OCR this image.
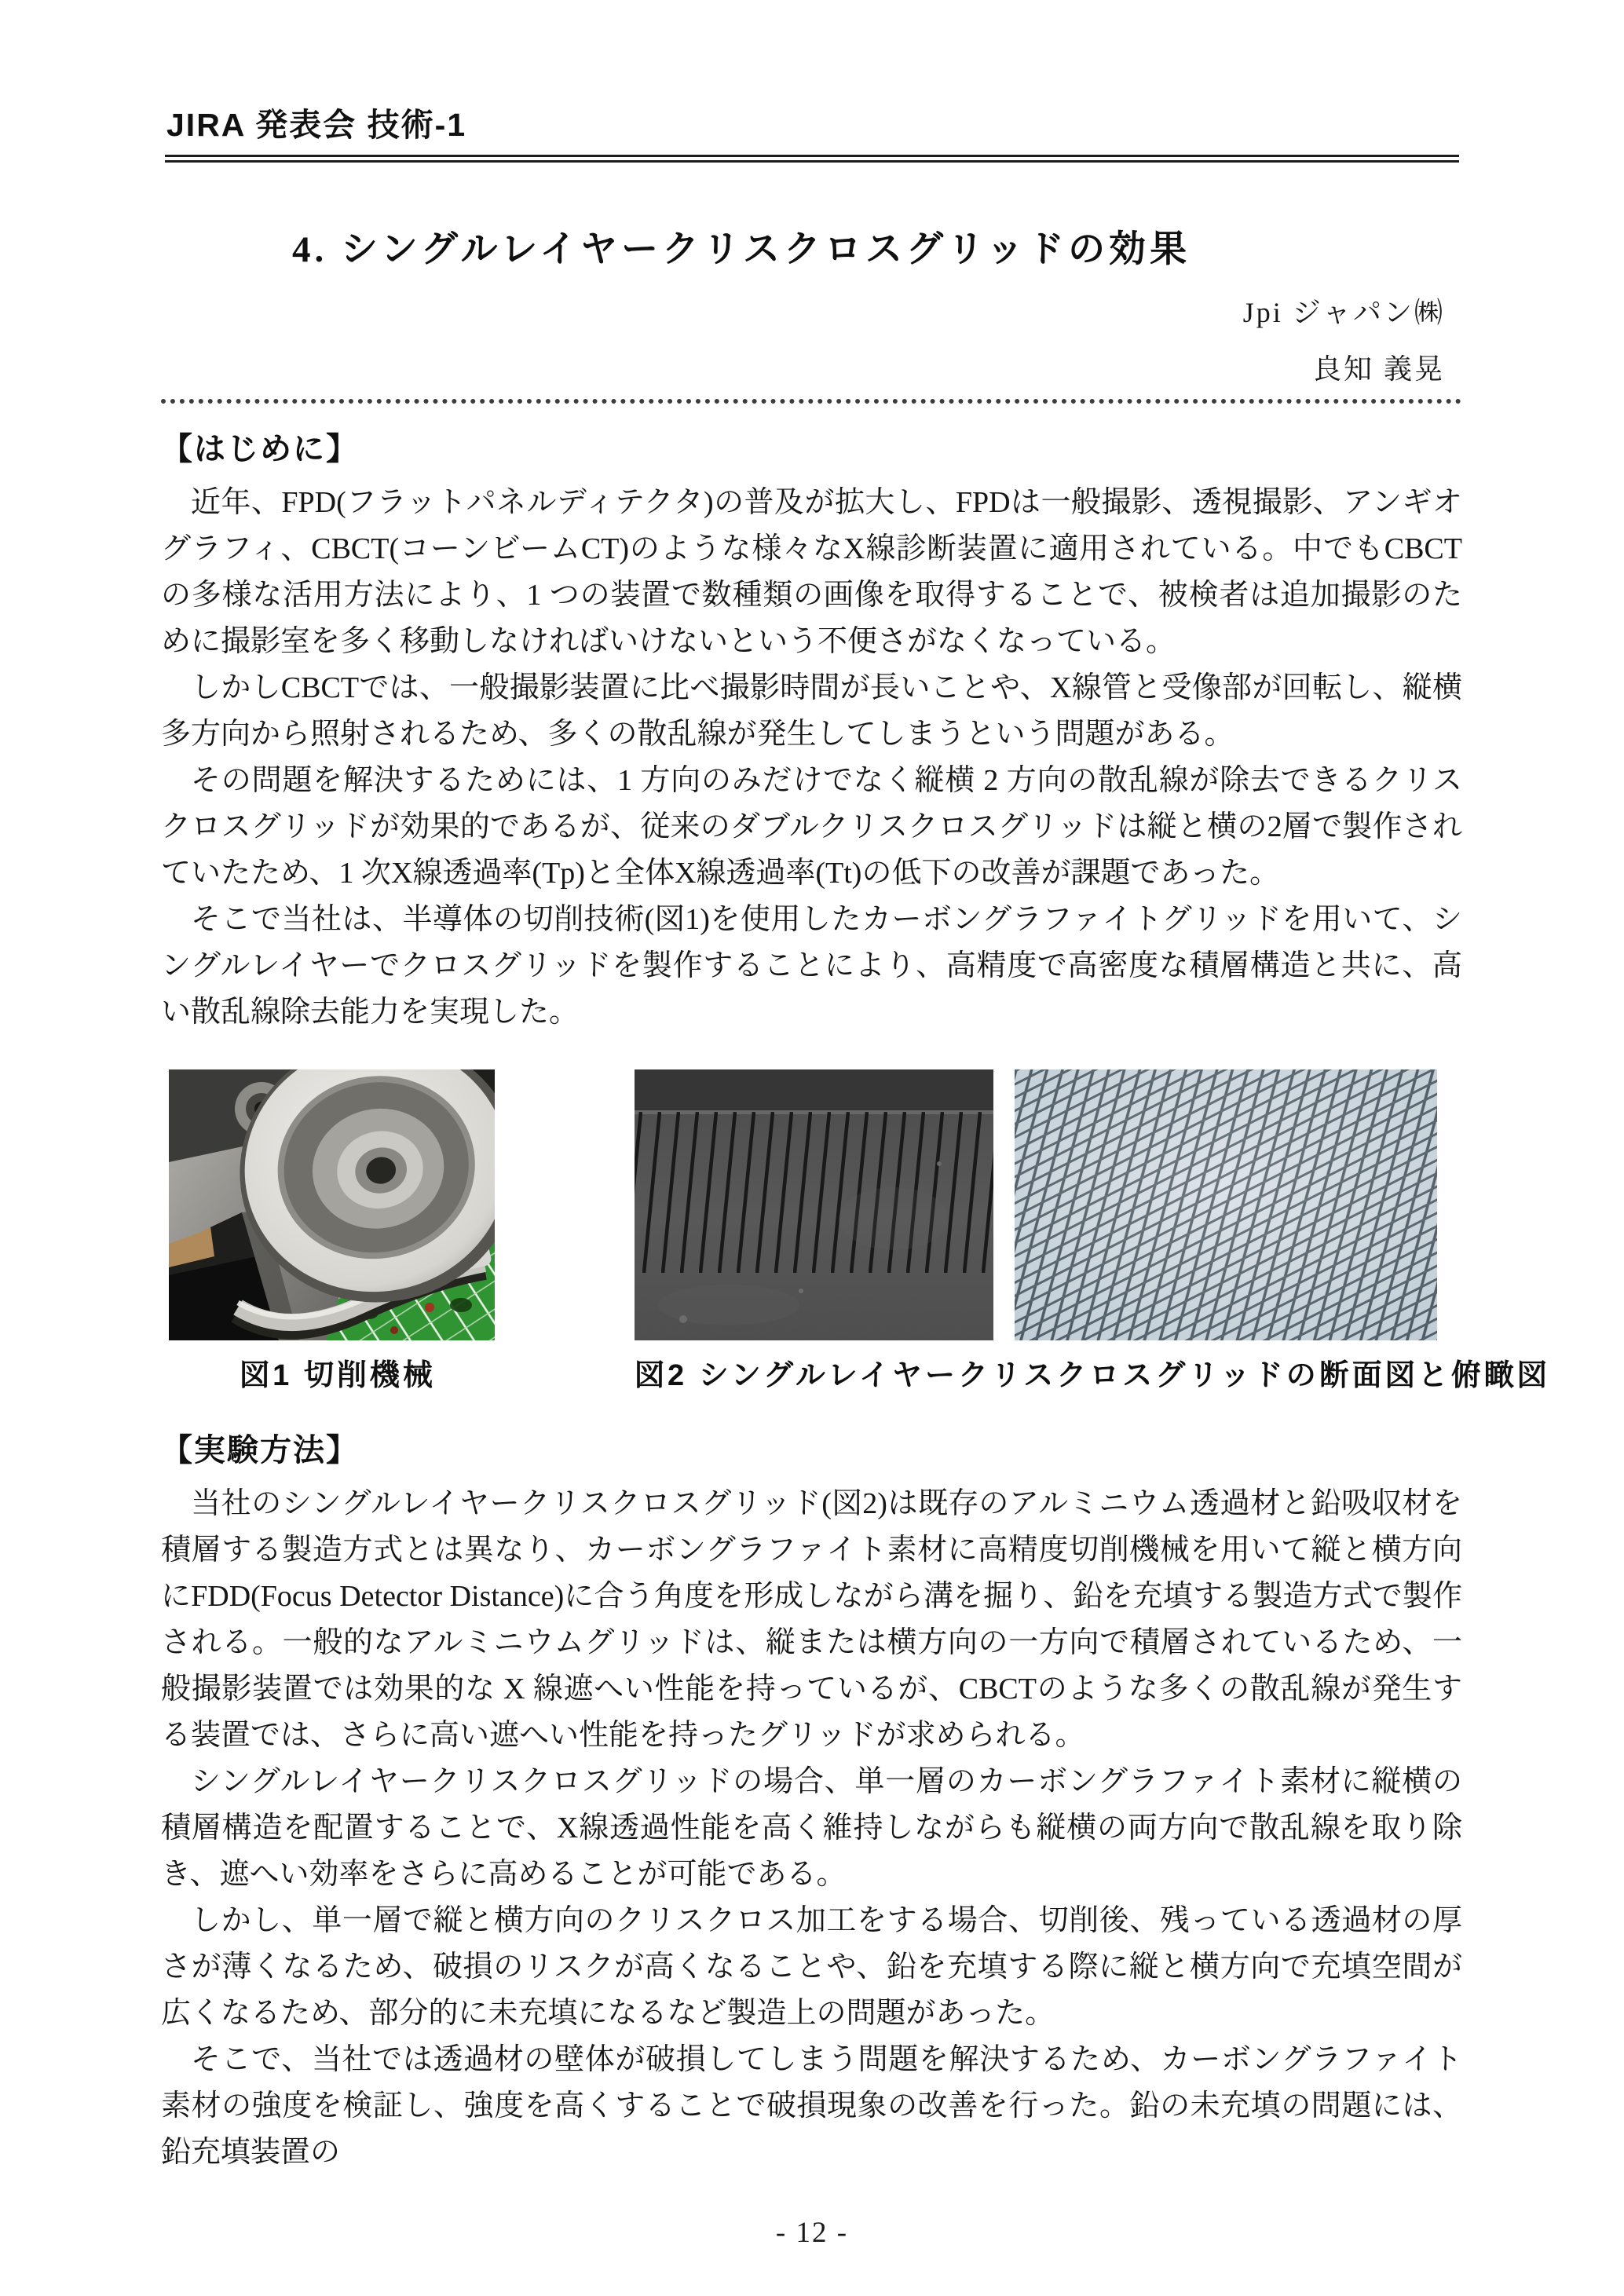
JIRA 発表会 技術-1
4. シングルレイヤークリスクロスグリッドの効果
Jpi ジャパン㈱
良知 義晃
【はじめに】

近年、FPD(フラットパネルディテクタ)の普及が拡大し、FPDは一般撮影、透視撮影、アンギオグラフィ、CBCT(コーンビームCT)のような様々なX線診断装置に適用されている。中でもCBCTの多様な活用方法により、1 つの装置で数種類の画像を取得することで、被検者は追加撮影のために撮影室を多く移動しなければいけないという不便さがなくなっている。

しかしCBCTでは、一般撮影装置に比べ撮影時間が長いことや、X線管と受像部が回転し、縦横多方向から照射されるため、多くの散乱線が発生してしまうという問題がある。

その問題を解決するためには、1 方向のみだけでなく縦横 2 方向の散乱線が除去できるクリスクロスグリッドが効果的であるが、従来のダブルクリスクロスグリッドは縦と横の2層で製作されていたため、1 次X線透過率(Tp)と全体X線透過率(Tt)の低下の改善が課題であった。

そこで当社は、半導体の切削技術(図1)を使用したカーボングラファイトグリッドを用いて、シングルレイヤーでクロスグリッドを製作することにより、高精度で高密度な積層構造と共に、高い散乱線除去能力を実現した。

図1 切削機械	図2 シングルレイヤークリスクロスグリッドの断面図と俯瞰図
【実験方法】

当社のシングルレイヤークリスクロスグリッド(図2)は既存のアルミニウム透過材と鉛吸収材を積層する製造方式とは異なり、カーボングラファイト素材に高精度切削機械を用いて縦と横方向にFDD(Focus Detector Distance)に合う角度を形成しながら溝を掘り、鉛を充填する製造方式で製作される。一般的なアルミニウムグリッドは、縦または横方向の一方向で積層されているため、一般撮影装置では効果的な X 線遮へい性能を持っているが、CBCTのような多くの散乱線が発生する装置では、さらに高い遮へい性能を持ったグリッドが求められる。

シングルレイヤークリスクロスグリッドの場合、単一層のカーボングラファイト素材に縦横の積層構造を配置することで、X線透過性能を高く維持しながらも縦横の両方向で散乱線を取り除き、遮へい効率をさらに高めることが可能である。

しかし、単一層で縦と横方向のクリスクロス加工をする場合、切削後、残っている透過材の厚さが薄くなるため、破損のリスクが高くなることや、鉛を充填する際に縦と横方向で充填空間が広くなるため、部分的に未充填になるなど製造上の問題があった。

そこで、当社では透過材の壁体が破損してしまう問題を解決するため、カーボングラファイト素材の強度を検証し、強度を高くすることで破損現象の改善を行った。鉛の未充填の問題には、鉛充填装置の

- 12 -
